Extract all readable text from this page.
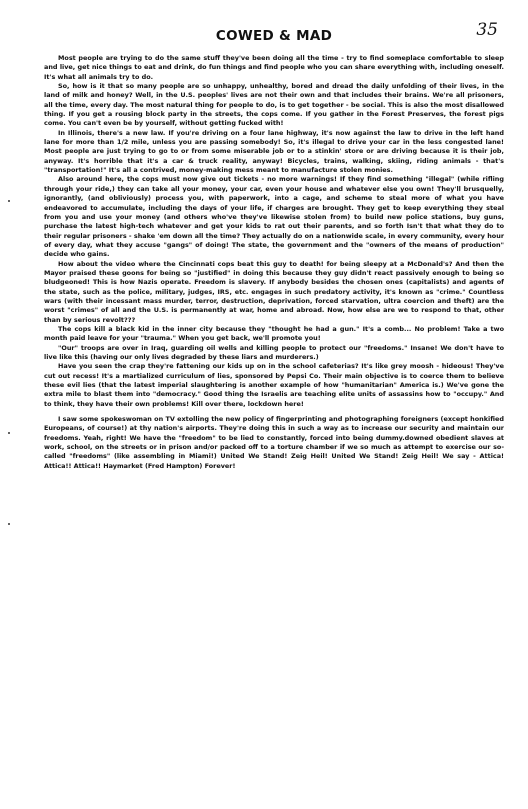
COWED & MAD	35

Most people are trying to do the same stuff they've been doing all the time - try to find someplace comfortable to sleep and live, get nice things to eat and drink, do fun things and find people who you can share everything with, including oneself. It's what all animals try to do.

So, how is it that so many people are so unhappy, unhealthy, bored and dread the daily unfolding of their lives, in the land of milk and honey? Well, in the U.S. peoples' lives are not their own and that includes their brains. We're all prisoners, all the time, every day. The most natural thing for people to do, is to get together - be social. This is also the most disallowed thing. If you get a rousing block party in the streets, the cops come. If you gather in the Forest Preserves, the forest pigs come. You can't even be by yourself, without getting fucked with!

In Illinois, there's a new law. If you're driving on a four lane highway, it's now against the law to drive in the left hand lane for more than 1/2 mile, unless you are passing somebody! So, it's illegal to drive your car in the less congested lane! Most people are just trying to go to or from some miserable job or to a stinkin' store or are driving because it is their job, anyway. It's horrible that it's a car & truck reality, anyway! Bicycles, trains, walking, skiing, riding animals - that's "transportation!" It's all a contrived, money-making mess meant to manufacture stolen monies.

Also around here, the cops must now give out tickets - no more warnings! If they find something "illegal" (while rifling through your ride,) they can take all your money, your car, even your house and whatever else you own! They'll brusquelly, ignorantly, (and obliviously) process you, with paperwork, into a cage, and scheme to steal more of what you have endeavored to accumulate, including the days of your life, if charges are brought. They get to keep everything they steal from you and use your money (and others who've they've likewise stolen from) to build new police stations, buy guns, purchase the latest high-tech whatever and get your kids to rat out their parents, and so forth Isn't that what they do to their regular prisoners - shake 'em down all the time? They actually do on a nationwide scale, in every community, every hour of every day, what they accuse "gangs" of doing! The state, the government and the "owners of the means of production" decide who gains.

How about the video where the Cincinnati cops beat this guy to death! for being sleepy at a McDonald's? And then the Mayor praised these goons for being so "justified" in doing this because they guy didn't react passively enough to being so bludgeoned! This is how Nazis operate. Freedom is slavery. If anybody besides the chosen ones (capitalists) and agents of the state, such as the police, military, judges, IRS, etc. engages in such predatory activity, it's known as "crime." Countless wars (with their incessant mass murder, terror, destruction, deprivation, forced starvation, ultra coercion and theft) are the worst "crimes" of all and the U.S. is permanently at war, home and abroad. Now, how else are we to respond to that, other than by serious revolt???

The cops kill a black kid in the inner city because they "thought he had a gun." It's a comb... No problem! Take a two month paid leave for your "trauma." When you get back, we'll promote you!

"Our" troops are over in Iraq, guarding oil wells and killing people to protect our "freedoms." Insane! We don't have to live like this (having our only lives degraded by these liars and murderers.)

Have you seen the crap they're fattening our kids up on in the school cafeterias? It's like grey moosh - hideous! They've cut out recess! It's a martialized curriculum of lies, sponsored by Pepsi Co. Their main objective is to coerce them to believe these evil lies (that the latest imperial slaughtering is another example of how "humanitarian" America is.) We've gone the extra mile to blast them into "democracy." Good thing the Israelis are teaching elite units of assassins how to "occupy." And to think, they have their own problems! Kill over there, lockdown here!

I saw some spokeswoman on TV extolling the new policy of fingerprinting and photographing foreigners (except honkified Europeans, of course!) at thy nation's airports. They're doing this in such a way as to increase our security and maintain our freedoms. Yeah, right! We have the "freedom" to be lied to constantly, forced into being dummy.downed obedient slaves at work, school, on the streets or in prison and/or packed off to a torture chamber if we so much as attempt to exercise our so-called "freedoms" (like assembling in Miami!) United We Stand! Zeig Heil! United We Stand! Zeig Heil! We say - Attica! Attica!! Attica!! Haymarket (Fred Hampton) Forever!
